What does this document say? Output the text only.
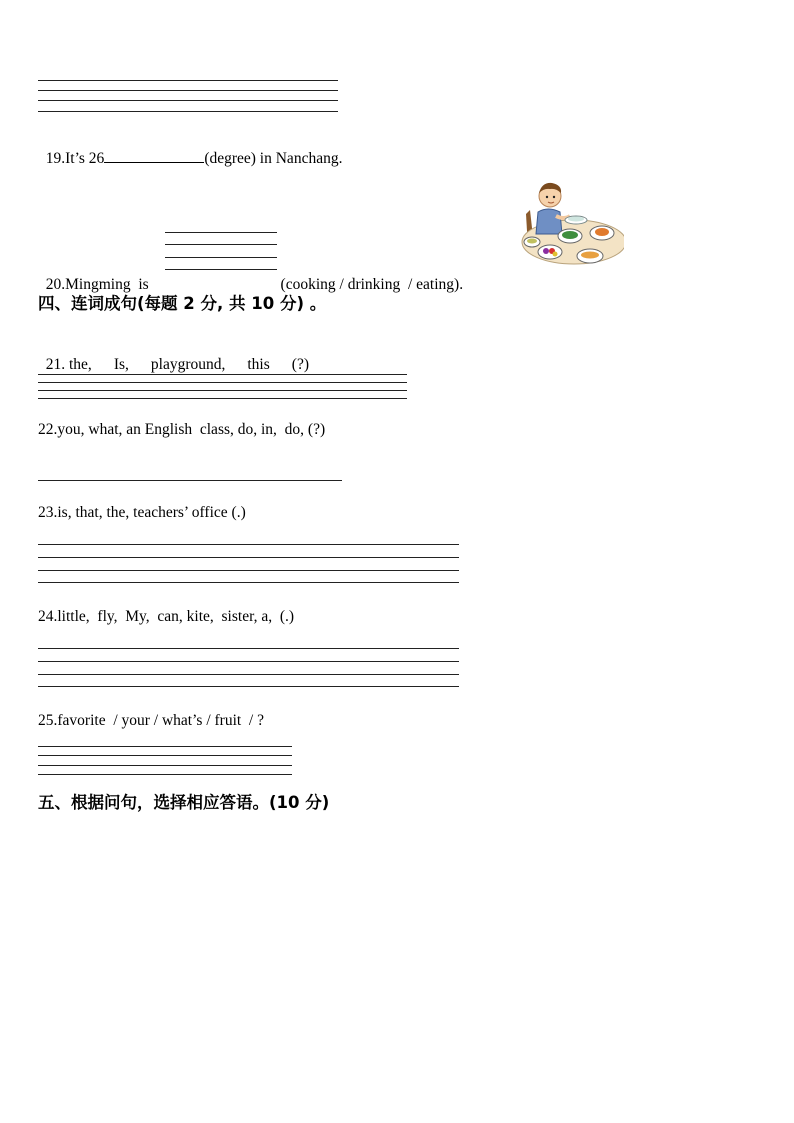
19.It’s 26	(degree) in Nanchang.

20.Mingming  is	(cooking / drinking  / eating).

四、连词成句(每题 2 分, 共 10 分) 。

21. the, Is, playground, this (?)

22.you, what, an English  class, do, in,  do, (?)
23.is, that, the, teachers’ office (.)
24.little,  fly,  My,  can, kite,  sister, a,  (.)
25.favorite  / your / what’s / fruit  / ?
五、根据问句，选择相应答语。(10 分)
